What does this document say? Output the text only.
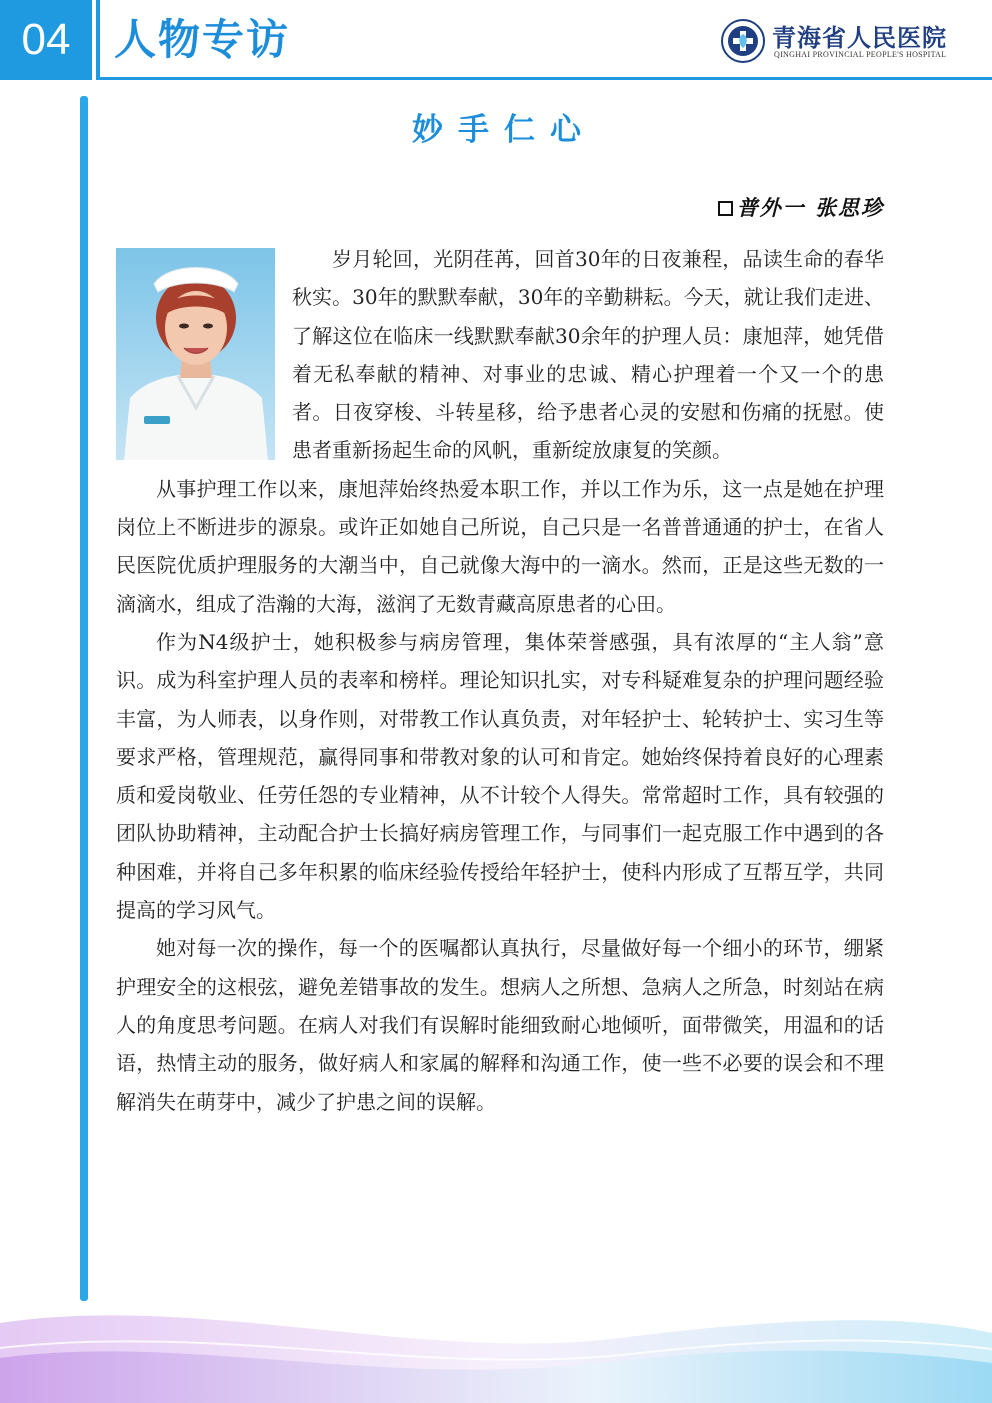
04	人物专访	青海省人民医院
QINGHAI PROVINCIAL PEOPLE'S HOSPITAL
妙手仁心
普外一 张思珍

岁月轮回，光阴荏苒，回首30年的日夜兼程，品读生命的春华秋实。30年的默默奉献，30年的辛勤耕耘。今天，就让我们走进、了解这位在临床一线默默奉献30余年的护理人员：康旭萍，她凭借着无私奉献的精神、对事业的忠诚、精心护理着一个又一个的患者。日夜穿梭、斗转星移，给予患者心灵的安慰和伤痛的抚慰。使患者重新扬起生命的风帆，重新绽放康复的笑颜。

从事护理工作以来，康旭萍始终热爱本职工作，并以工作为乐，这一点是她在护理岗位上不断进步的源泉。或许正如她自己所说，自己只是一名普普通通的护士，在省人民医院优质护理服务的大潮当中，自己就像大海中的一滴水。然而，正是这些无数的一滴滴水，组成了浩瀚的大海，滋润了无数青藏高原患者的心田。

作为N4级护士，她积极参与病房管理，集体荣誉感强，具有浓厚的“主人翁”意识。成为科室护理人员的表率和榜样。理论知识扎实，对专科疑难复杂的护理问题经验丰富，为人师表，以身作则，对带教工作认真负责，对年轻护士、轮转护士、实习生等要求严格，管理规范，赢得同事和带教对象的认可和肯定。她始终保持着良好的心理素质和爱岗敬业、任劳任怨的专业精神，从不计较个人得失。常常超时工作，具有较强的团队协助精神，主动配合护士长搞好病房管理工作，与同事们一起克服工作中遇到的各种困难，并将自己多年积累的临床经验传授给年轻护士，使科内形成了互帮互学，共同提高的学习风气。

她对每一次的操作，每一个的医嘱都认真执行，尽量做好每一个细小的环节，绷紧护理安全的这根弦，避免差错事故的发生。想病人之所想、急病人之所急，时刻站在病人的角度思考问题。在病人对我们有误解时能细致耐心地倾听，面带微笑，用温和的话语，热情主动的服务，做好病人和家属的解释和沟通工作，使一些不必要的误会和不理解消失在萌芽中，减少了护患之间的误解。
